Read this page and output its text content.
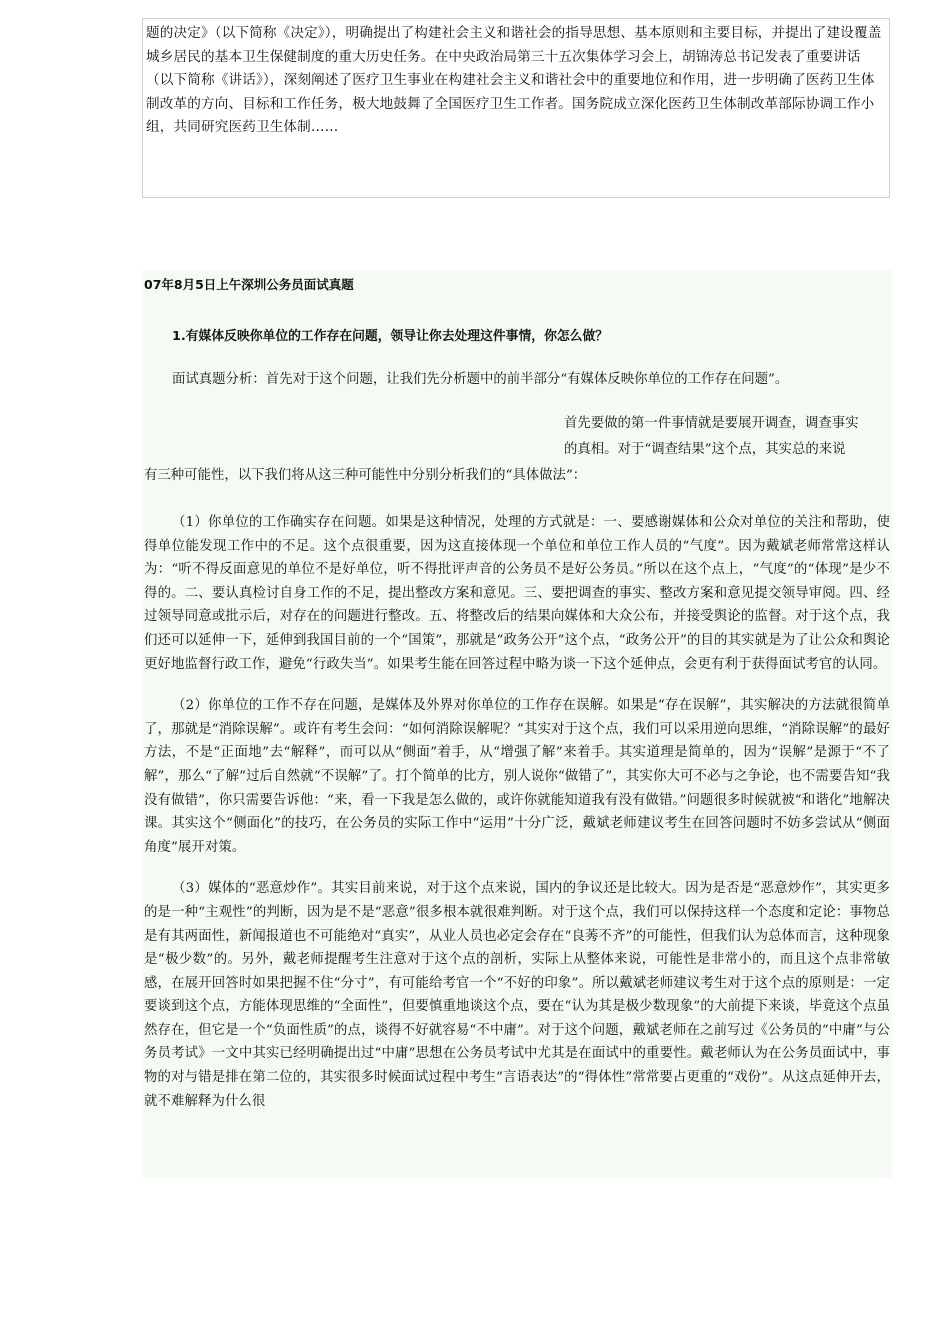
题的决定》（以下简称《决定》），明确提出了构建社会主义和谐社会的指导思想、基本原则和主要目标，并提出了建设覆盖城乡居民的基本卫生保健制度的重大历史任务。在中央政治局第三十五次集体学习会上，胡锦涛总书记发表了重要讲话（以下简称《讲话》），深刻阐述了医疗卫生事业在构建社会主义和谐社会中的重要地位和作用，进一步明确了医药卫生体制改革的方向、目标和工作任务，极大地鼓舞了全国医疗卫生工作者。国务院成立深化医药卫生体制改革部际协调工作小组，共同研究医药卫生体制……

07年8月5日上午深圳公务员面试真题

1.有媒体反映你单位的工作存在问题，领导让你去处理这件事情，你怎么做？

面试真题分析：首先对于这个问题，让我们先分析题中的前半部分“有媒体反映你单位的工作存在问题”。

首先要做的第一件事情就是要展开调查，调查事实
的真相。对于“调查结果”这个点，其实总的来说
有三种可能性，以下我们将从这三种可能性中分别分析我们的“具体做法”：

（1）你单位的工作确实存在问题。如果是这种情况，处理的方式就是：一、要感谢媒体和公众对单位的关注和帮助，使得单位能发现工作中的不足。这个点很重要，因为这直接体现一个单位和单位工作人员的“气度”。因为戴斌老师常常这样认为：“听不得反面意见的单位不是好单位，听不得批评声音的公务员不是好公务员。”所以在这个点上，“气度”的“体现”是少不得的。二、要认真检讨自身工作的不足，提出整改方案和意见。三、要把调查的事实、整改方案和意见提交领导审阅。四、经过领导同意或批示后，对存在的问题进行整改。五、将整改后的结果向媒体和大众公布，并接受舆论的监督。对于这个点，我们还可以延伸一下，延伸到我国目前的一个“国策”，那就是“政务公开”这个点，“政务公开”的目的其实就是为了让公众和舆论更好地监督行政工作，避免“行政失当”。如果考生能在回答过程中略为谈一下这个延伸点，会更有利于获得面试考官的认同。

（2）你单位的工作不存在问题，是媒体及外界对你单位的工作存在误解。如果是“存在误解”，其实解决的方法就很简单了，那就是“消除误解”。或许有考生会问：“如何消除误解呢？”其实对于这个点，我们可以采用逆向思维，“消除误解”的最好方法，不是“正面地”去“解释”，而可以从“侧面”着手，从“增强了解”来着手。其实道理是简单的，因为“误解”是源于“不了解”，那么“了解”过后自然就“不误解”了。打个简单的比方，别人说你“做错了”，其实你大可不必与之争论，也不需要告知“我没有做错”，你只需要告诉他：“来，看一下我是怎么做的，或许你就能知道我有没有做错。”问题很多时候就被“和谐化”地解决课。其实这个“侧面化”的技巧，在公务员的实际工作中“运用”十分广泛，戴斌老师建议考生在回答问题时不妨多尝试从“侧面角度”展开对策。

（3）媒体的“恶意炒作”。其实目前来说，对于这个点来说，国内的争议还是比较大。因为是否是“恶意炒作”，其实更多的是一种“主观性”的判断，因为是不是“恶意”很多根本就很难判断。对于这个点，我们可以保持这样一个态度和定论：事物总是有其两面性，新闻报道也不可能绝对“真实”，从业人员也必定会存在“良莠不齐”的可能性，但我们认为总体而言，这种现象是“极少数”的。另外，戴老师提醒考生注意对于这个点的剖析，实际上从整体来说，可能性是非常小的，而且这个点非常敏感，在展开回答时如果把握不住“分寸”，有可能给考官一个“不好的印象”。所以戴斌老师建议考生对于这个点的原则是：一定要谈到这个点，方能体现思维的“全面性”，但要慎重地谈这个点，要在“认为其是极少数现象”的大前提下来谈，毕竟这个点虽然存在，但它是一个“负面性质”的点，谈得不好就容易“不中庸”。对于这个问题，戴斌老师在之前写过《公务员的“中庸”与公务员考试》一文中其实已经明确提出过“中庸”思想在公务员考试中尤其是在面试中的重要性。戴老师认为在公务员面试中，事物的对与错是排在第二位的，其实很多时候面试过程中考生“言语表达”的“得体性”常常要占更重的“戏份”。从这点延伸开去，就不难解释为什么很
